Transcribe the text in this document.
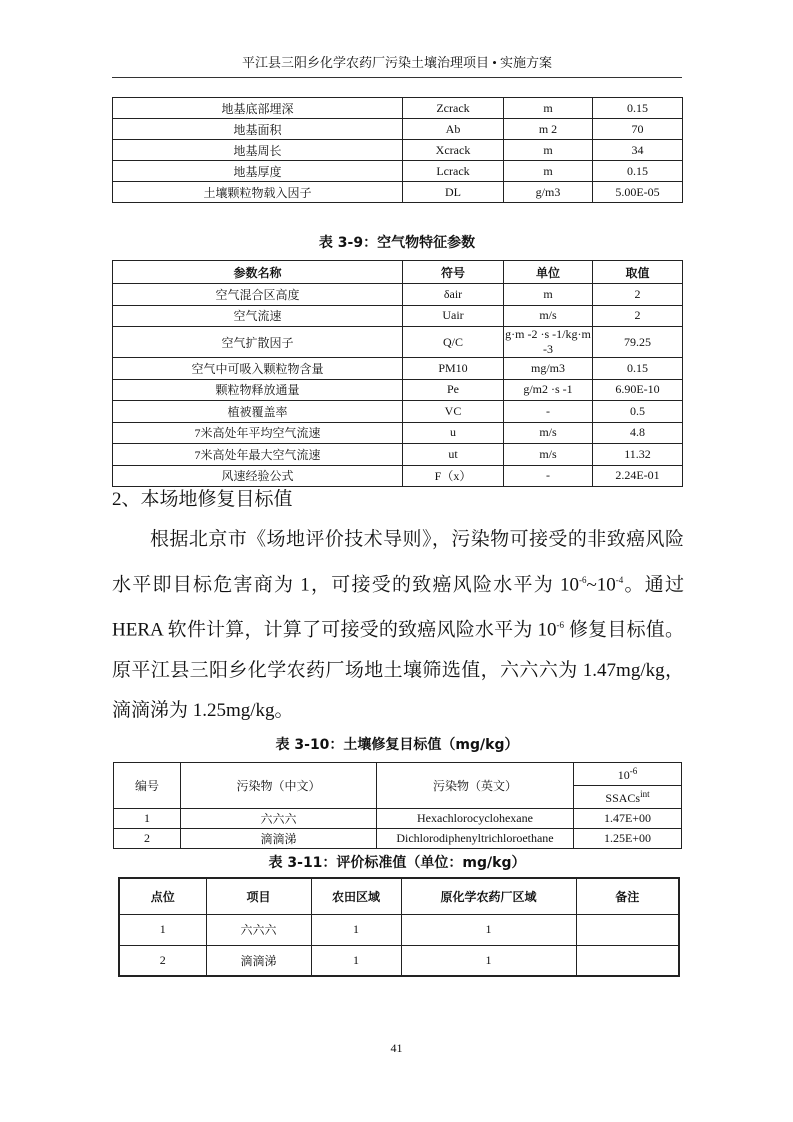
平江县三阳乡化学农药厂污染土壤治理项目 • 实施方案
地基底部埋深	Zcrack	m	0.15
地基面积	Ab	m 2	70
地基周长	Xcrack	m	34
地基厚度	Lcrack	m	0.15
土壤颗粒物载入因子	DL	g/m3	5.00E-05
表 3-9：空气物特征参数
参数名称	符号	单位	取值
空气混合区高度	δair	m	2
空气流速	Uair	m/s	2
空气扩散因子	Q/C	g·m -2 ·s -1/kg·m -3	79.25
空气中可吸入颗粒物含量	PM10	mg/m3	0.15
颗粒物释放通量	Pe	g/m2 ·s -1	6.90E-10
植被覆盖率	VC	-	0.5
7米高处年平均空气流速	u	m/s	4.8
7米高处年最大空气流速	ut	m/s	11.32
风速经验公式	F（x）	-	2.24E-01
2、本场地修复目标值
根据北京市《场地评价技术导则》，污染物可接受的非致癌风险水平即目标危害商为 1，可接受的致癌风险水平为 $10^{-6}\sim 10^{-4}$。通过 HERA 软件计算，计算了可接受的致癌风险水平为 $10^{-6}$ 修复目标值。原平江县三阳乡化学农药厂场地土壤筛选值，六六六为 1.47mg/kg，滴滴涕为 1.25mg/kg。
表 3-10：土壤修复目标值（mg/kg）
编号	污染物（中文）	污染物（英文）	$10^{-6}$
			SSACs$^{int}$
1	六六六	Hexachlorocyclohexane	1.47E+00
2	滴滴涕	Dichlorodiphenyltrichloroethane	1.25E+00
表 3-11：评价标准值（单位：mg/kg）
点位	项目	农田区域	原化学农药厂区域	备注
1	六六六	1	1	
2	滴滴涕	1	1	
41
